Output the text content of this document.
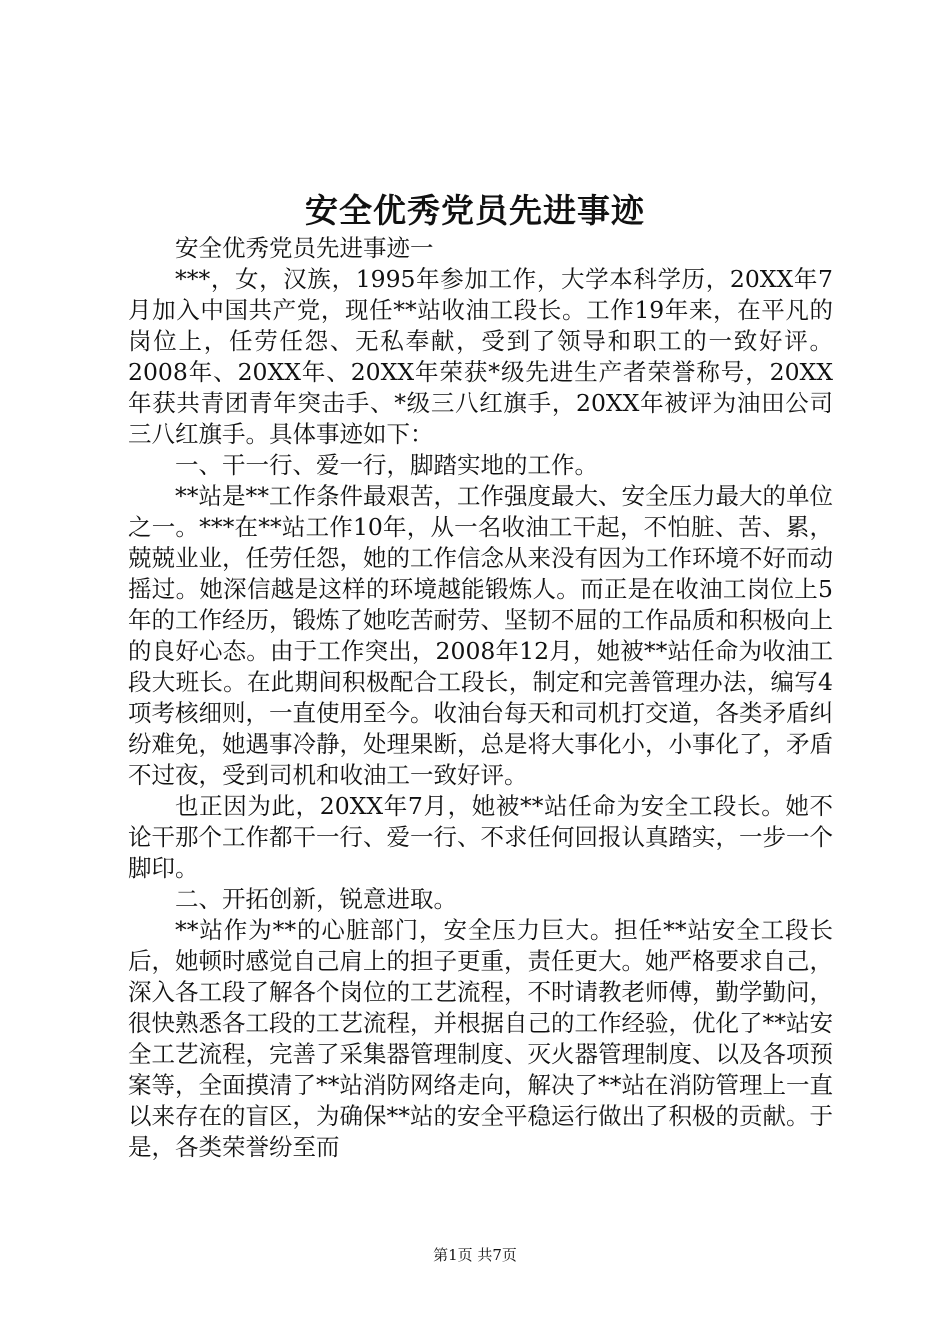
安全优秀党员先进事迹

安全优秀党员先进事迹一

***，女，汉族，1995年参加工作，大学本科学历，20XX年7月加入中国共产党，现任**站收油工段长。工作19年来，在平凡的岗位上，任劳任怨、无私奉献，受到了领导和职工的一致好评。2008年、20XX年、20XX年荣获*级先进生产者荣誉称号，20XX年获共青团青年突击手、*级三八红旗手，20XX年被评为油田公司三八红旗手。具体事迹如下：

一、干一行、爱一行，脚踏实地的工作。

**站是**工作条件最艰苦，工作强度最大、安全压力最大的单位之一。***在**站工作10年，从一名收油工干起，不怕脏、苦、累，兢兢业业，任劳任怨，她的工作信念从来没有因为工作环境不好而动摇过。她深信越是这样的环境越能锻炼人。而正是在收油工岗位上5年的工作经历，锻炼了她吃苦耐劳、坚韧不屈的工作品质和积极向上的良好心态。由于工作突出，2008年12月，她被**站任命为收油工段大班长。在此期间积极配合工段长，制定和完善管理办法，编写4项考核细则，一直使用至今。收油台每天和司机打交道，各类矛盾纠纷难免，她遇事冷静，处理果断，总是将大事化小，小事化了，矛盾不过夜，受到司机和收油工一致好评。

也正因为此，20XX年7月，她被**站任命为安全工段长。她不论干那个工作都干一行、爱一行、不求任何回报认真踏实，一步一个脚印。

二、开拓创新，锐意进取。

**站作为**的心脏部门，安全压力巨大。担任**站安全工段长后，她顿时感觉自己肩上的担子更重，责任更大。她严格要求自己，深入各工段了解各个岗位的工艺流程，不时请教老师傅，勤学勤问，很快熟悉各工段的工艺流程，并根据自己的工作经验，优化了**站安全工艺流程，完善了采集器管理制度、灭火器管理制度、以及各项预案等，全面摸清了**站消防网络走向，解决了**站在消防管理上一直以来存在的盲区，为确保**站的安全平稳运行做出了积极的贡献。于是，各类荣誉纷至而

第1页 共7页
